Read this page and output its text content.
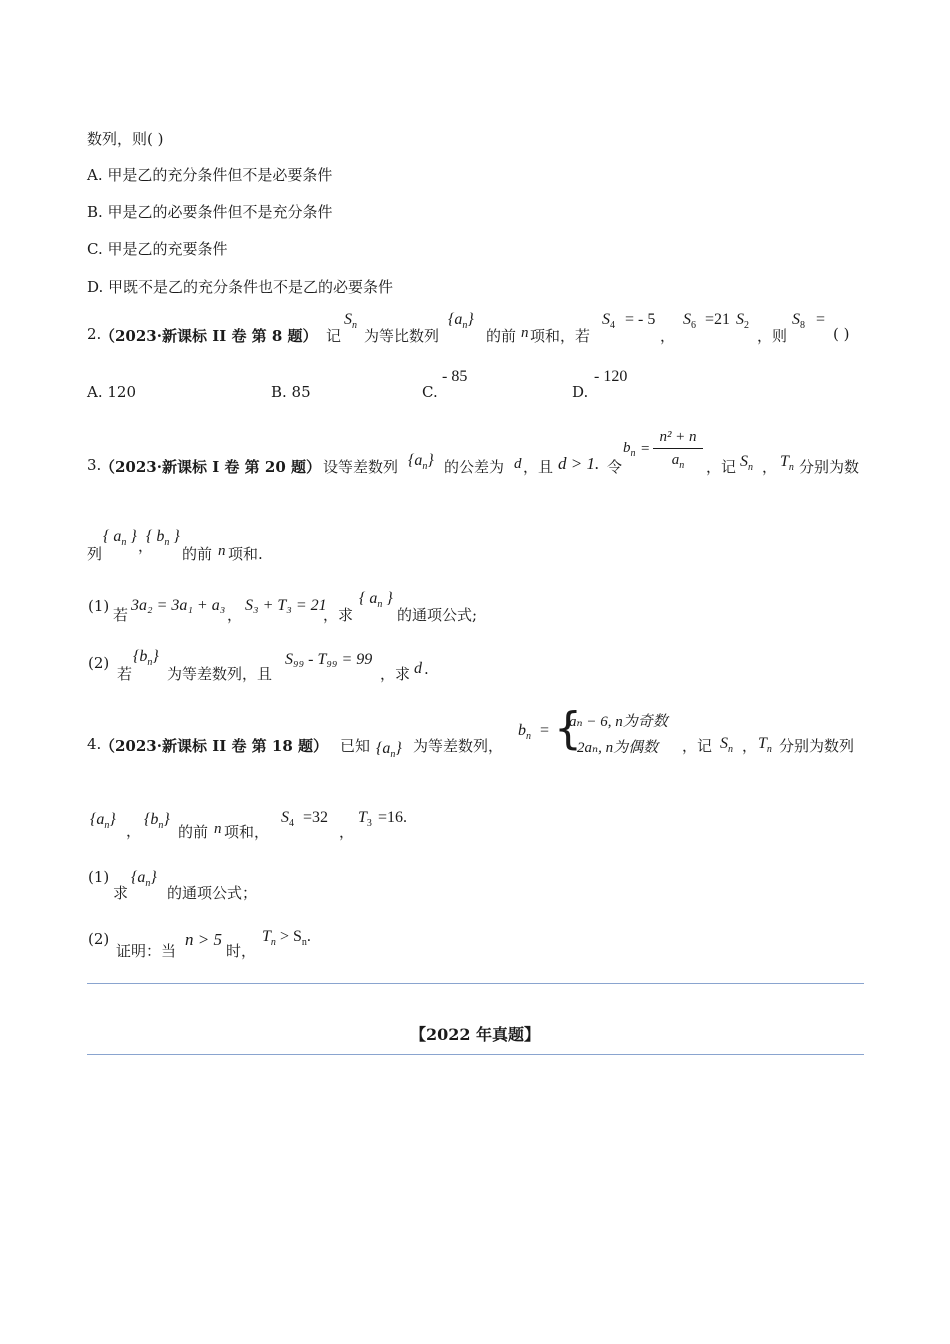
数列，则( )
A. 甲是乙的充分条件但不是必要条件
B. 甲是乙的必要条件但不是充分条件
C. 甲是乙的充要条件
D. 甲既不是乙的充分条件也不是乙的必要条件
2.
（2023·新课标 II 卷 第 8 题） 记
$S_n$
为等比数列
$\{a_n\}$
的前 n 项和，若
$S_4$ = - 5
，
$S_6 =21$ $S_2$
，则
$S_8$ =
( )
A. 120	B. 85	C.
- 85
D.
- 120
3.
（2023·新课标 I 卷 第 20 题） 设等差数列 $\{a_n\}$ 的公差为 d ，且 d > 1. 令
$b_n$ =
n² + n
$a_n$	，记 $S_n$ ， $T_n$ 分别为数
列
{ $a_n$ }
，
{ $b_n$ }
的前 n 项和.
(1) 若
3a₂ = 3a₁ + a₃
，
S₃ + T₃ = 21
，求
{ $a_n$ }
的通项公式;
(2)
若
$\{b_n\}$
为等差数列，且
S₉₉ - T₉₉ = 99
，求 d .
4.
（2023·新课标 II 卷 第 18 题） 已知 $\{a_n\}$ 为等差数列，
$b_n$ = {
aₙ − 6, n为奇数
2aₙ, n为偶数 ，记 $S_n$ ， $T_n$ 分别为数列
$\{a_n\}$
，
$\{b_n\}$
的前 n 项和，
$S_4 =32$
，
$T_3 =16$.
(1)
求
$\{a_n\}$
的通项公式；
(2)
证明：当
n > 5
时，
$T_n > S_n$.
【2022 年真题】
